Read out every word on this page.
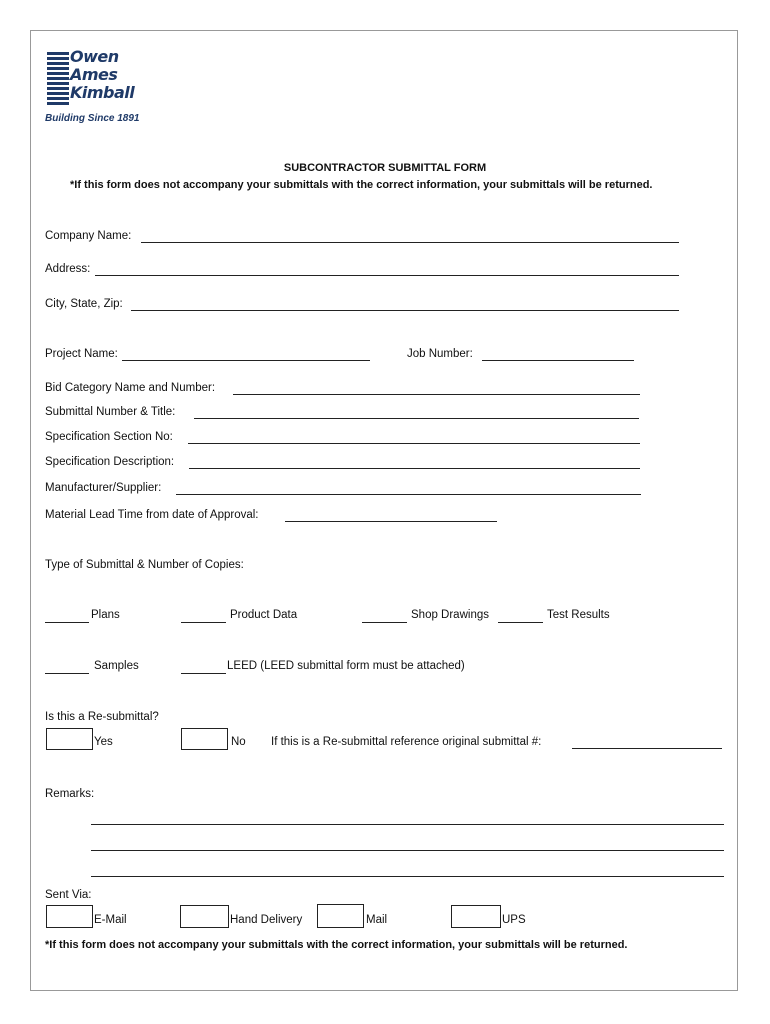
Owen
Ames
Kimball
Building Since 1891
SUBCONTRACTOR SUBMITTAL FORM
*If this form does not accompany your submittals with the correct information, your submittals will be returned.
Company Name:
Address:
City, State, Zip:
Project Name:	Job Number:
Bid Category Name and Number:
Submittal Number & Title:
Specification Section No:
Specification Description:
Manufacturer/Supplier:
Material Lead Time from date of Approval:
Type of Submittal & Number of Copies:
Plans	Product Data	Shop Drawings	Test Results
Samples	LEED (LEED submittal form must be attached)
Is this a Re-submittal?
Yes	No If this is a Re-submittal reference original submittal #:
Remarks:
Sent Via:
E-Mail	Hand Delivery	Mail	UPS
*If this form does not accompany your submittals with the correct information, your submittals will be returned.
